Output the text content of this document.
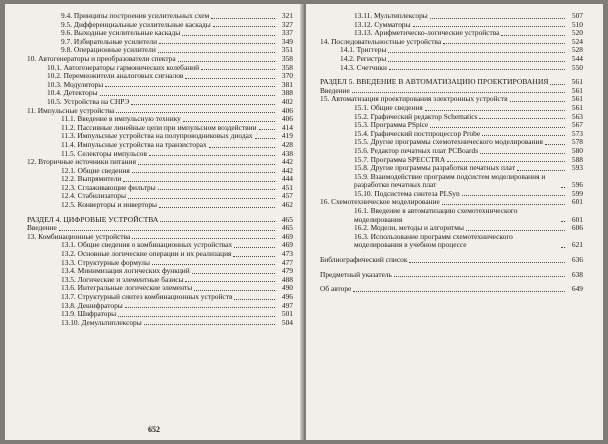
9.4. Принципы построения усилительных схем	321
9.5. Дифференциальные усилительные каскады	327
9.6. Выходные усилительные каскады	337
9.7. Избирательные усилители	349
9.8. Операционные усилители	351
10. Автогенераторы и преобразователи спектра	358
10.1. Автогенераторы гармонических колебаний	358
10.2. Перемножители аналоговых сигналов	370
10.3. Модуляторы	381
10.4. Детекторы	388
10.5. Устройства на СНРЭ	402
11. Импульсные устройства	406
11.1. Введение в импульсную технику	406
11.2. Пассивные линейные цепи при импульсном воздействии	414
11.3. Импульсные устройства на полупроводниковых диодах	419
11.4. Импульсные устройства на транзисторах	428
11.5. Селекторы импульсов	438
12. Вторичные источники питания	442
12.1. Общие сведения	442
12.2. Выпрямители	444
12.3. Сглаживающие фильтры	451
12.4. Стабилизаторы	457
12.5. Конверторы и инверторы	462
РАЗДЕЛ 4. ЦИФРОВЫЕ УСТРОЙСТВА	465
Введение	465
13. Комбинационные устройства	469
13.1. Общие сведения о комбинационных устройствах	469
13.2. Основные логические операции и их реализация	473
13.3. Структурные формулы	477
13.4. Минимизация логических функций	479
13.5. Логические и элементные базисы	488
13.6. Интегральные логические элементы	490
13.7. Структурный синтез комбинационных устройств	496
13.8. Дешифраторы	497
13.9. Шифраторы	501
13.10. Демультиплексоры	504
652
13.11. Мультиплексоры	507
13.12. Сумматоры	510
13.13. Арифметическо-логические устройства	520
14. Последовательностные устройства	524
14.1. Триггеры	528
14.2. Регистры	544
14.3. Счетчики	550
РАЗДЕЛ 5. ВВЕДЕНИЕ В АВТОМАТИЗАЦИЮ ПРОЕКТИРОВАНИЯ	561
Введение	561
15. Автоматизация проектирования электронных устройств	561
15.1. Общие сведения	561
15.2. Графический редактор Schematics	563
15.3. Программа PSpice	567
15.4. Графический постпроцессор Probe	573
15.5. Другие программы схемотехнического моделирования	578
15.6. Редактор печатных плат PCBoards	580
15.7. Программа SPECCTRA	588
15.8. Другие программы разработки печатных плат	593
15.9. Взаимодействие программ подсистем моделирования и разработки печатных плат	596
15.10. Подсистема синтеза PLSyn	599
16. Схемотехническое моделирование	601
16.1. Введение в автоматизацию схемотехнического моделирования	601
16.2. Модели, методы и алгоритмы	606
16.3. Использование программ схемотехнического моделирования в учебном процессе	621
Библиографический список	636
Предметный указатель	638
Об авторе	649
